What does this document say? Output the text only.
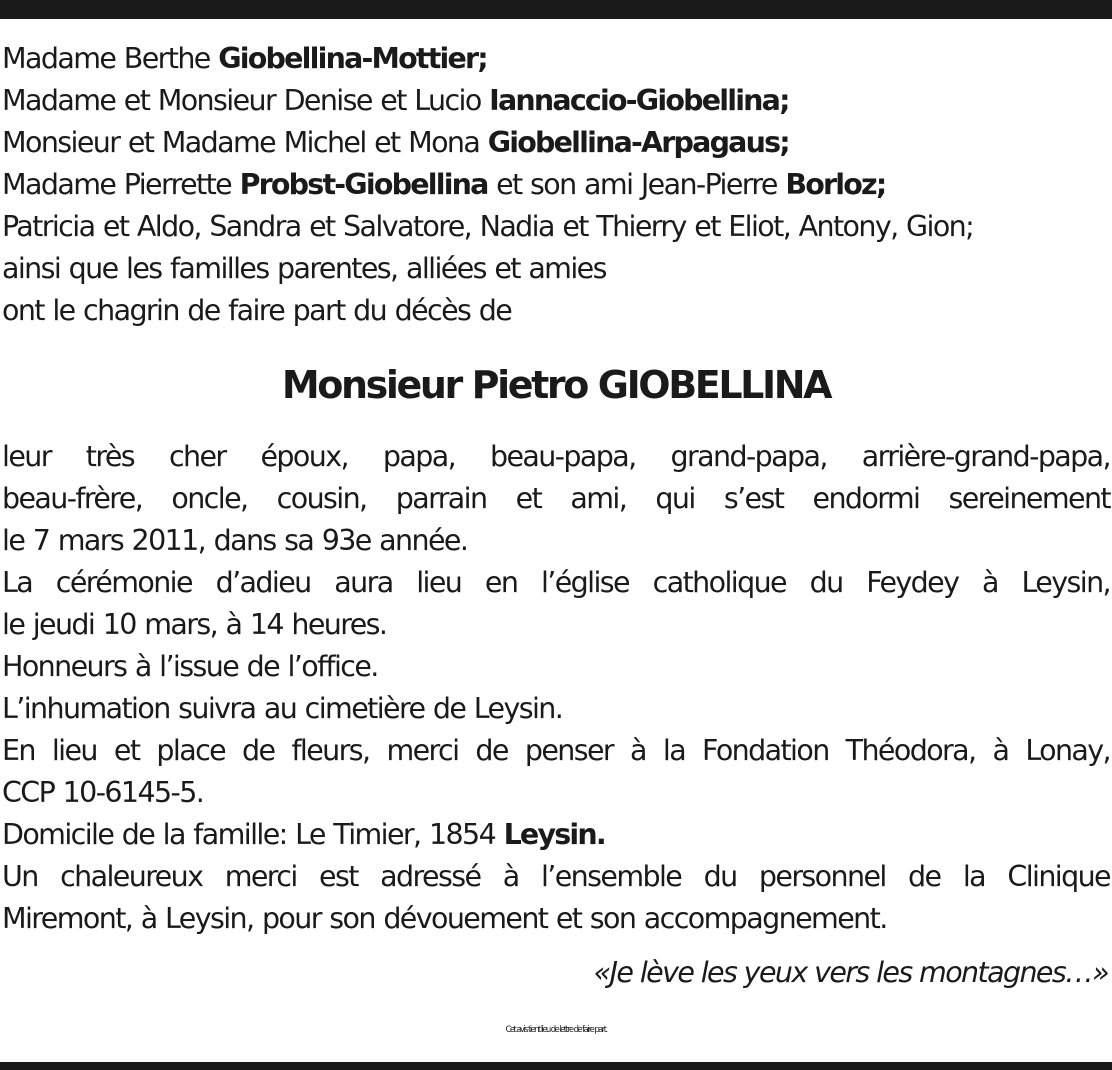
Madame Berthe Giobellina-Mottier;
Madame et Monsieur Denise et Lucio Iannaccio-Giobellina;
Monsieur et Madame Michel et Mona Giobellina-Arpagaus;
Madame Pierrette Probst-Giobellina et son ami Jean-Pierre Borloz;
Patricia et Aldo, Sandra et Salvatore, Nadia et Thierry et Eliot, Antony, Gion;
ainsi que les familles parentes, alliées et amies
ont le chagrin de faire part du décès de
Monsieur Pietro GIOBELLINA
leur très cher époux, papa, beau-papa, grand-papa, arrière-grand-papa,
beau-frère, oncle, cousin, parrain et ami, qui s’est endormi sereinement
le 7 mars 2011, dans sa 93e année.
La cérémonie d’adieu aura lieu en l’église catholique du Feydey à Leysin,
le jeudi 10 mars, à 14 heures.
Honneurs à l’issue de l’office.
L’inhumation suivra au cimetière de Leysin.
En lieu et place de fleurs, merci de penser à la Fondation Théodora, à Lonay,
CCP 10-6145-5.
Domicile de la famille: Le Timier, 1854 Leysin.
Un chaleureux merci est adressé à l’ensemble du personnel de la Clinique
Miremont, à Leysin, pour son dévouement et son accompagnement.
«Je lève les yeux vers les montagnes…»
Cet avis tient lieu de lettre de faire part.
